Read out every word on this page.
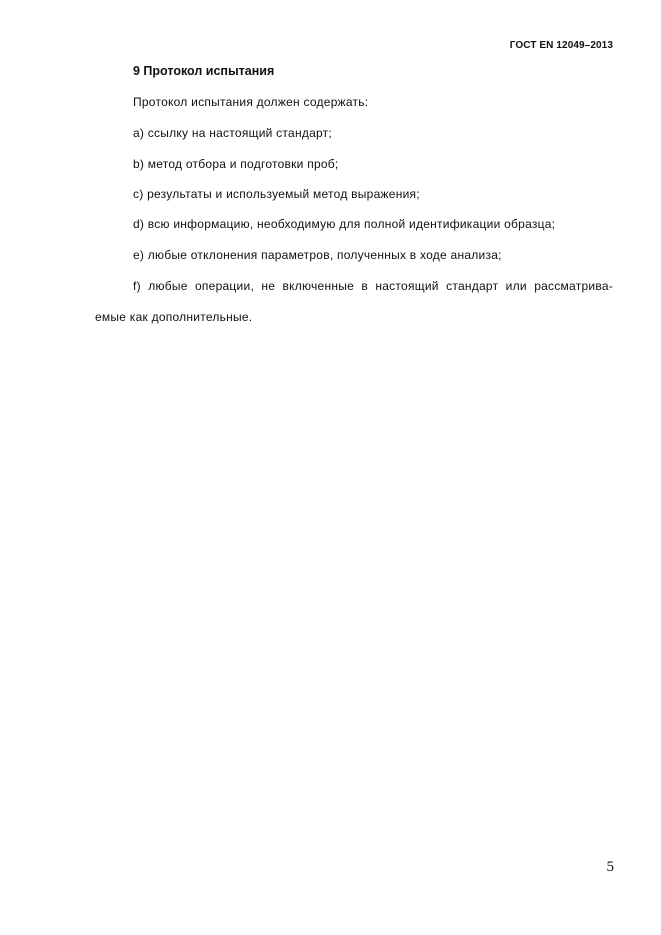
ГОСТ EN 12049–2013
9 Протокол испытания
Протокол испытания должен содержать:
а) ссылку на настоящий стандарт;
b) метод отбора и подготовки проб;
c) результаты и используемый метод выражения;
d) всю информацию, необходимую для полной идентификации образца;
e) любые отклонения параметров, полученных в ходе анализа;
f) любые операции, не включенные в настоящий стандарт или рассматрива-
емые как дополнительные.
5
